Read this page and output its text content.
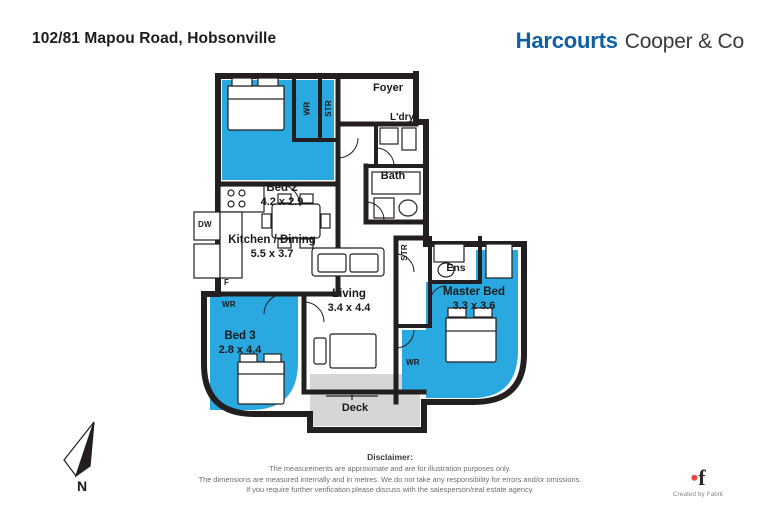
102/81 Mapou Road, Hobsonville	Harcourts Cooper & Co
Bed 2
4.2 x 2.9
Kitchen / Dining
5.5 x 3.7
Bed 3
2.8 x 4.4
Living
3.4 x 4.4
Master Bed
3.3 x 3.6
Foyer
L'dry
Bath
Ens
Deck
WR STR
DW
F
WR
STR
WR
N
Disclaimer:
The measurements are approximate and are for illustration purposes only.
The dimensions are measured internally and in metres. We do not take any responsibility for errors and/or omissions.
If you require further verification please discuss with the salesperson/real estate agency.	•f
Created by Fabrk
